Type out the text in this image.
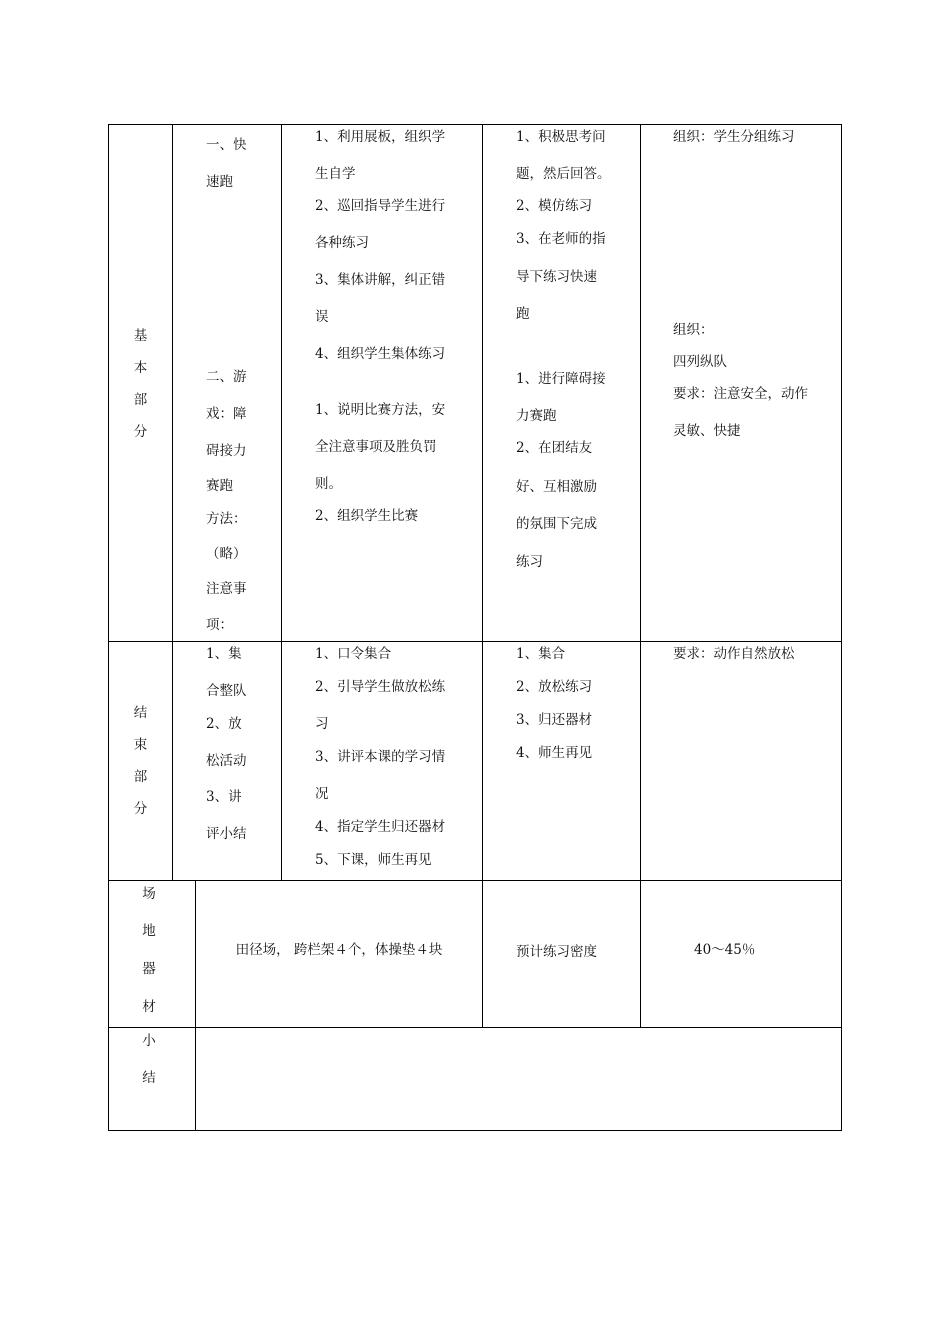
基

本

部

分

一、快

速跑

二、游

戏：障

碍接力

赛跑

方法：

（略）

注意事

项：

1、利用展板，组织学

生自学

2、巡回指导学生进行

各种练习

3、集体讲解，纠正错

误

4、组织学生集体练习

1、说明比赛方法，安

全注意事项及胜负罚

则。

2、组织学生比赛

1、积极思考问

题，然后回答。

2、模仿练习

3、在老师的指

导下练习快速

跑

1、进行障碍接

力赛跑

2、在团结友

好、互相激励

的氛围下完成

练习

组织：学生分组练习

组织：

四列纵队

要求：注意安全，动作

灵敏、快捷

结

束

部

分

1、集

合整队

2、放

松活动

3、讲

评小结

1、口令集合

2、引导学生做放松练

习

3、讲评本课的学习情

况

4、指定学生归还器材

5、下课，师生再见

1、集合

2、放松练习

3、归还器材

4、师生再见

要求：动作自然放松

场

地

器

材

田径场， 跨栏架４个，体操垫４块	预计练习密度	40～45％

小

结
